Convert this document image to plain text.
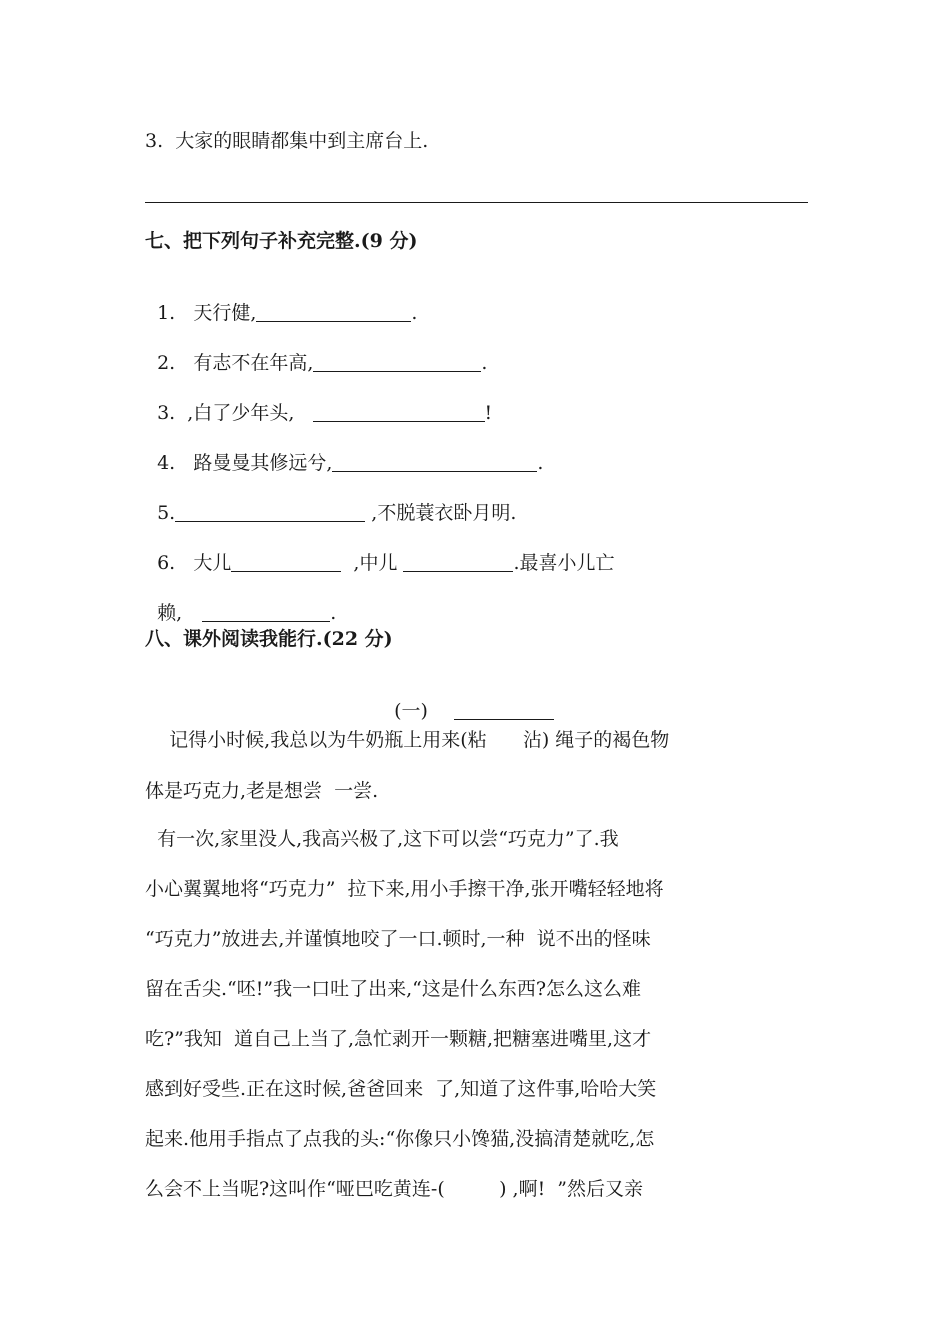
3.  大家的眼睛都集中到主席台上.
七、把下列句子补充完整.(9 分)

1.   天行健,	.

2.   有志不在年高,	.

3.  ,白了少年头,	!

4.   路曼曼其修远兮,	.

5.	,不脱蓑衣卧月明.

6.   大儿	,中儿	.最喜小儿亡

赖,	.

八、课外阅读我能行.(22 分)

(一)

记得小时候,我总以为牛奶瓶上用来(粘      沾) 绳子的褐色物
体是巧克力,老是想尝  一尝.
有一次,家里没人,我高兴极了,这下可以尝“巧克力”了.我
小心翼翼地将“巧克力”  拉下来,用小手擦干净,张开嘴轻轻地将
“巧克力”放进去,并谨慎地咬了一口.顿时,一种  说不出的怪味
留在舌尖.“呸!”我一口吐了出来,“这是什么东西?怎么这么难
吃?”我知  道自己上当了,急忙剥开一颗糖,把糖塞进嘴里,这才
感到好受些.正在这时候,爸爸回来  了,知道了这件事,哈哈大笑
起来.他用手指点了点我的头:“你像只小馋猫,没搞清楚就吃,怎
么会不上当呢?这叫作“哑巴吃黄连-(         ) ,啊!  ”然后又亲
